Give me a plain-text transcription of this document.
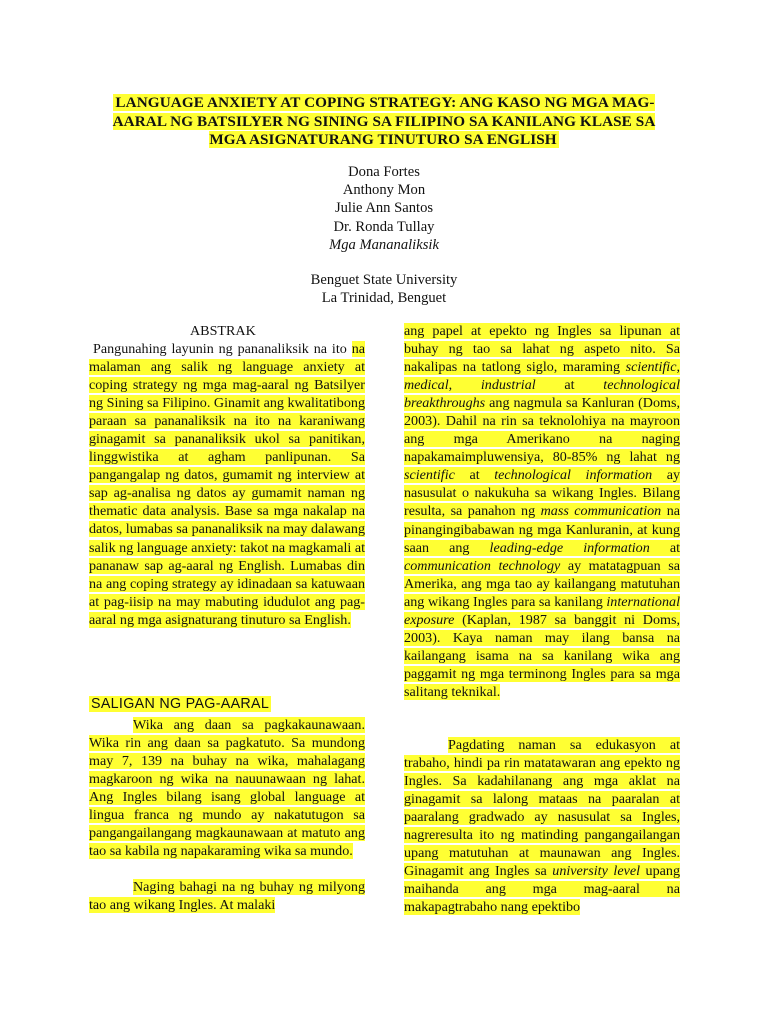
LANGUAGE ANXIETY AT COPING STRATEGY: ANG KASO NG MGA MAG-AARAL NG BATSILYER NG SINING SA FILIPINO SA KANILANG KLASE SA MGA ASIGNATURANG TINUTURO SA ENGLISH
Dona Fortes
Anthony Mon
Julie Ann Santos
Dr. Ronda Tullay
Mga Mananaliksik
Benguet State University
La Trinidad, Benguet
ABSTRAK
Pangunahing layunin ng pananaliksik na ito na malaman ang salik ng language anxiety at coping strategy ng mga mag-aaral ng Batsilyer ng Sining sa Filipino. Ginamit ang kwalitatibong paraan sa pananaliksik na ito na karaniwang ginagamit sa pananaliksik ukol sa panitikan, linggwistika at agham panlipunan. Sa pangangalap ng datos, gumamit ng interview at sap ag-analisa ng datos ay gumamit naman ng thematic data analysis. Base sa mga nakalap na datos, lumabas sa pananaliksik na may dalawang salik ng language anxiety: takot na magkamali at pananaw sap ag-aaral ng English. Lumabas din na ang coping strategy ay idinadaan sa katuwaan at pag-iisip na may mabuting idudulot ang pag-aaral ng mga asignaturang tinuturo sa English.
SALIGAN NG PAG-AARAL
Wika ang daan sa pagkakaunawaan. Wika rin ang daan sa pagkatuto. Sa mundong may 7, 139 na buhay na wika, mahalagang magkaroon ng wika na nauunawaan ng lahat. Ang Ingles bilang isang global language at lingua franca ng mundo ay nakatutugon sa pangangailangang magkaunawaan at matuto ang tao sa kabila ng napakaraming wika sa mundo.
Naging bahagi na ng buhay ng milyong tao ang wikang Ingles. At malaki
ang papel at epekto ng Ingles sa lipunan at buhay ng tao sa lahat ng aspeto nito. Sa nakalipas na tatlong siglo, maraming scientific, medical, industrial at technological breakthroughs ang nagmula sa Kanluran (Doms, 2003). Dahil na rin sa teknolohiya na mayroon ang mga Amerikano na naging napakamaimpluwensiya, 80-85% ng lahat ng scientific at technological information ay nasusulat o nakukuha sa wikang Ingles. Bilang resulta, sa panahon ng mass communication na pinangingibabawan ng mga Kanluranin, at kung saan ang leading-edge information at communication technology ay matatagpuan sa Amerika, ang mga tao ay kailangang matutuhan ang wikang Ingles para sa kanilang international exposure (Kaplan, 1987 sa banggit ni Doms, 2003). Kaya naman may ilang bansa na kailangang isama na sa kanilang wika ang paggamit ng mga terminong Ingles para sa mga salitang teknikal.
Pagdating naman sa edukasyon at trabaho, hindi pa rin matatawaran ang epekto ng Ingles. Sa kadahilanang ang mga aklat na ginagamit sa lalong mataas na paaralan at paaralang gradwado ay nasusulat sa Ingles, nagreresulta ito ng matinding pangangailangan upang matutuhan at maunawan ang Ingles. Ginagamit ang Ingles sa university level upang maihanda ang mga mag-aaral na makapagtrabaho nang epektibo
